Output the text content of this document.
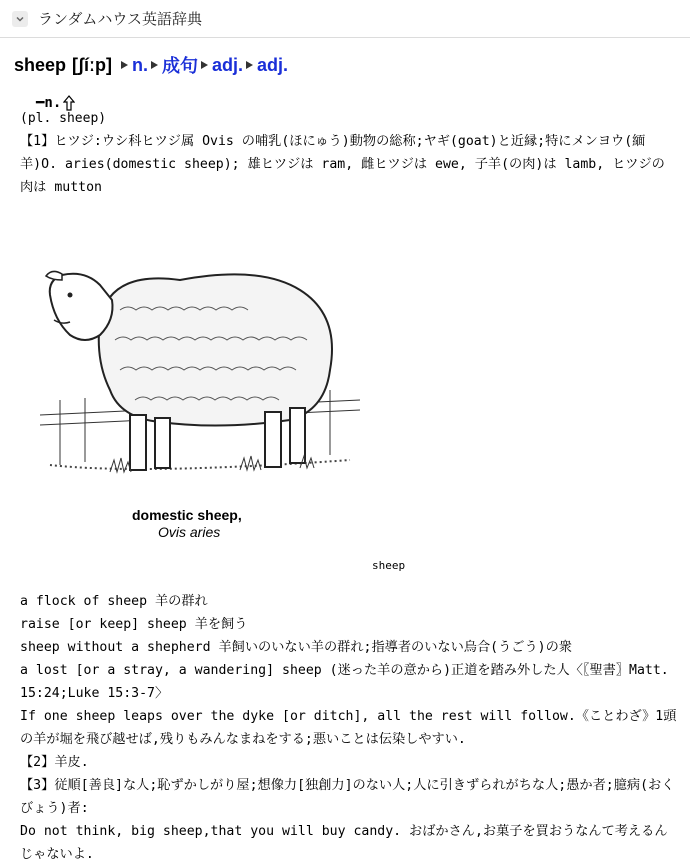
ランダムハウス英語辞典
sheep [ʃíːp] n. 成句 adj. adj.
━n.
(pl. sheep)
【1】ヒツジ:ウシ科ヒツジ属 Ovis の哺乳(ほにゅう)動物の総称;ヤギ(goat)と近縁;特にメンヨウ(緬羊)O. aries(domestic sheep); 雄ヒツジは ram, 雌ヒツジは ewe, 子羊(の肉)は lamb, ヒツジの肉は mutton
domestic sheep,
Ovis aries
sheep
a flock of sheep 羊の群れ
raise [or keep] sheep 羊を飼う
sheep without a shepherd 羊飼いのいない羊の群れ;指導者のいない烏合(うごう)の衆
a lost [or a stray, a wandering] sheep (迷った羊の意から)正道を踏み外した人〈〖聖書〗Matt. 15:24;Luke 15:3-7〉
If one sheep leaps over the dyke [or ditch], all the rest will follow.《ことわざ》1頭の羊が堀を飛び越せば,残りもみんなまねをする;悪いことは伝染しやすい.
【2】羊皮.
【3】従順[善良]な人;恥ずかしがり屋;想像力[独創力]のない人;人に引きずられがちな人;愚か者;臆病(おくびょう)者:
Do not think, big sheep,that you will buy candy. おばかさん,お菓子を買おうなんて考えるんじゃないよ.
